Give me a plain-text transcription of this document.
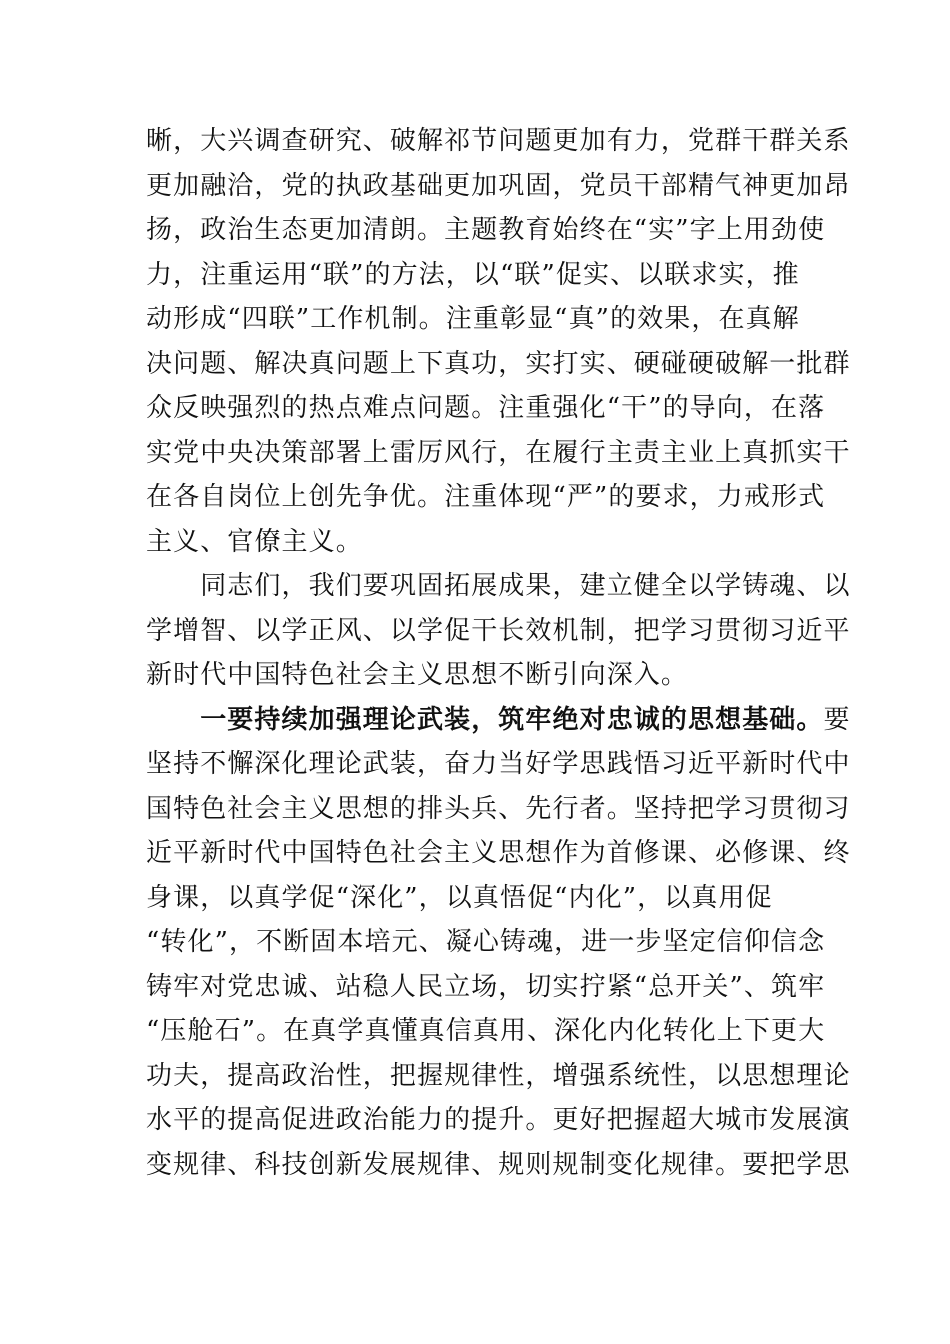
晰，大兴调查研究、破解祁节问题更加有力，党群干群关系
更加融洽，党的执政基础更加巩固，党员干部精气神更加昂
扬，政治生态更加清朗。主题教育始终在“实”字上用劲使
力，注重运用“联”的方法，以“联”促实、以联求实，推
动形成“四联”工作机制。注重彰显“真”的效果，在真解
决问题、解决真问题上下真功，实打实、硬碰硬破解一批群
众反映强烈的热点难点问题。注重强化“干”的导向，在落
实党中央决策部署上雷厉风行，在履行主责主业上真抓实干
在各自岗位上创先争优。注重体现“严”的要求，力戒形式
主义、官僚主义。
　　同志们，我们要巩固拓展成果，建立健全以学铸魂、以
学增智、以学正风、以学促干长效机制，把学习贯彻习近平
新时代中国特色社会主义思想不断引向深入。
　　一要持续加强理论武装，筑牢绝对忠诚的思想基础。要
坚持不懈深化理论武装，奋力当好学思践悟习近平新时代中
国特色社会主义思想的排头兵、先行者。坚持把学习贯彻习
近平新时代中国特色社会主义思想作为首修课、必修课、终
身课，以真学促“深化”，以真悟促“内化”，以真用促
“转化”，不断固本培元、凝心铸魂，进一步坚定信仰信念
铸牢对党忠诚、站稳人民立场，切实拧紧“总开关”、筑牢
“压舱石”。在真学真懂真信真用、深化内化转化上下更大
功夫，提高政治性，把握规律性，增强系统性，以思想理论
水平的提高促进政治能力的提升。更好把握超大城市发展演
变规律、科技创新发展规律、规则规制变化规律。要把学思
